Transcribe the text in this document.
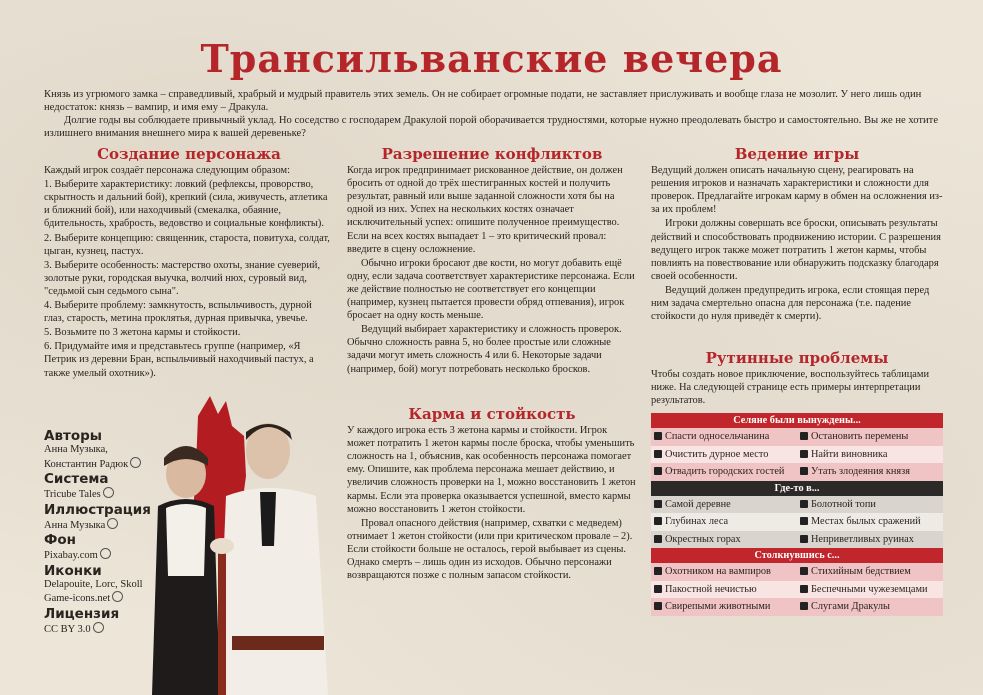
Трансильванские вечера

Князь из угрюмого замка – справедливый, храбрый и мудрый правитель этих земель. Он не собирает огромные подати, не заставляет прислуживать и вообще глаза не мозолит. У него лишь один недостаток: князь – вампир, и имя ему – Дракула.

Долгие годы вы соблюдаете привычный уклад. Но соседство с господарем Дракулой порой оборачивается трудностями, которые нужно преодолевать быстро и самостоятельно. Вы же не хотите излишнего внимания внешнего мира к вашей деревеньке?

Создание персонажа

Каждый игрок создаёт персонажа следующим образом:

1. Выберите характеристику: ловкий (рефлексы, проворство, скрытность и дальний бой), крепкий (сила, живучесть, атлетика и ближний бой), или находчивый (смекалка, обаяние, бдительность, храбрость, ведовство и социальные конфликты).

2. Выберите концепцию: священник, староста, повитуха, солдат, цыган, кузнец, пастух.

3. Выберите особенность: мастерство охоты, знание суеверий, золотые руки, городская выучка, волчий нюх, суровый вид, "седьмой сын седьмого сына".

4. Выберите проблему: замкнутость, вспыльчивость, дурной глаз, старость, метина проклятья, дурная привычка, увечье.

5. Возьмите по 3 жетона кармы и стойкости.

6. Придумайте имя и представьтесь группе (например, «Я Петрик из деревни Бран, вспыльчивый находчивый пастух, а также умелый охотник»).

Авторы
Анна Музыка,
Константин Радюк
Система
Tricube Tales
Иллюстрация
Анна Музыка
Фон
Pixabay.com
Иконки
Delapouite, Lorc, Skoll
Game-icons.net
Лицензия
CC BY 3.0
Разрешение конфликтов

Когда игрок предпринимает рискованное действие, он должен бросить от одной до трёх шестигранных костей и получить результат, равный или выше заданной сложности хотя бы на одной из них. Успех на нескольких костях означает исключительный успех: опишите полученное преимущество. Если на всех костях выпадает 1 – это критический провал: введите в сцену осложнение.

Обычно игроки бросают две кости, но могут добавить ещё одну, если задача соответствует характеристике персонажа. Если же действие полностью не соответствует его концепции (например, кузнец пытается провести обряд отпевания), игрок бросает на одну кость меньше.

Ведущий выбирает характеристику и сложность проверок. Обычно сложность равна 5, но более простые или сложные задачи могут иметь сложность 4 или 6. Некоторые задачи (например, бой) могут потребовать несколько бросков.

Карма и стойкость

У каждого игрока есть 3 жетона кармы и стойкости. Игрок может потратить 1 жетон кармы после броска, чтобы уменьшить сложность на 1, объяснив, как особенность персонажа помогает ему. Опишите, как проблема персонажа мешает действию, и увеличив сложность проверки на 1, можно восстановить 1 жетон кармы. Если эта проверка оказывается успешной, вместо кармы можно восстановить 1 жетон стойкости.

Провал опасного действия (например, схватки с медведем) отнимает 1 жетон стойкости (или при критическом провале – 2). Если стойкости больше не осталось, герой выбывает из сцены. Однако смерть – лишь один из исходов. Обычно персонажи возвращаются позже с полным запасом стойкости.

Ведение игры

Ведущий должен описать начальную сцену, реагировать на решения игроков и назначать характеристики и сложности для проверок. Предлагайте игрокам карму в обмен на осложнения из-за их проблем!

Игроки должны совершать все броски, описывать результаты действий и способствовать продвижению истории. С разрешения ведущего игрок также может потратить 1 жетон кармы, чтобы повлиять на повествование или обнаружить подсказку благодаря своей особенности.

Ведущий должен предупредить игрока, если стоящая перед ним задача смертельно опасна для персонажа (т.е. падение стойкости до нуля приведёт к смерти).

Рутинные проблемы

Чтобы создать новое приключение, воспользуйтесь таблицами ниже. На следующей странице есть примеры интерпретации результатов.

Селяне были вынуждены...
Спасти односельчанина	Остановить перемены
Очистить дурное место	Найти виновника
Отвадить городских гостей	Утать злодеяния князя
Где-то в...
Самой деревне	Болотной топи
Глубинах леса	Местах былых сражений
Окрестных горах	Неприветливых руинах
Столкнувшись с...
Охотником на вампиров	Стихийным бедствием
Пакостной нечистью	Беспечными чужеземцами
Свирепыми животными	Слугами Дракулы
